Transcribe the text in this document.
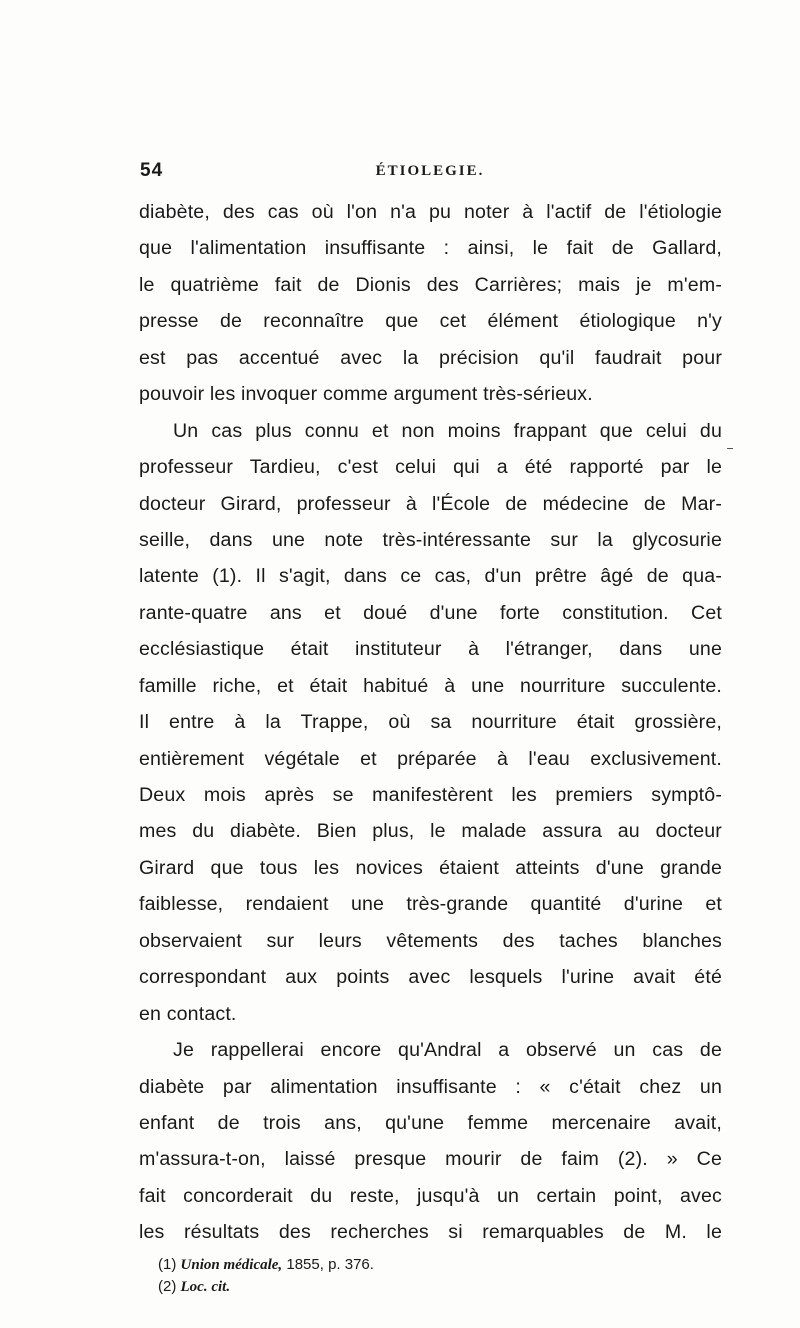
54	ÉTIOLEGIE.
diabète, des cas où l'on n'a pu noter à l'actif de l'étiologie
que l'alimentation insuffisante : ainsi, le fait de Gallard,
le quatrième fait de Dionis des Carrières; mais je m'em-
presse de reconnaître que cet élément étiologique n'y
est pas accentué avec la précision qu'il faudrait pour
pouvoir les invoquer comme argument très-sérieux.
Un cas plus connu et non moins frappant que celui du
professeur Tardieu, c'est celui qui a été rapporté par le
docteur Girard, professeur à l'École de médecine de Mar-
seille, dans une note très-intéressante sur la glycosurie
latente (1). Il s'agit, dans ce cas, d'un prêtre âgé de qua-
rante-quatre ans et doué d'une forte constitution. Cet
ecclésiastique était instituteur à l'étranger, dans une
famille riche, et était habitué à une nourriture succulente.
Il entre à la Trappe, où sa nourriture était grossière,
entièrement végétale et préparée à l'eau exclusivement.
Deux mois après se manifestèrent les premiers symptô-
mes du diabète. Bien plus, le malade assura au docteur
Girard que tous les novices étaient atteints d'une grande
faiblesse, rendaient une très-grande quantité d'urine et
observaient sur leurs vêtements des taches blanches
correspondant aux points avec lesquels l'urine avait été
en contact.
Je rappellerai encore qu'Andral a observé un cas de
diabète par alimentation insuffisante : « c'était chez un
enfant de trois ans, qu'une femme mercenaire avait,
m'assura-t-on, laissé presque mourir de faim (2). » Ce
fait concorderait du reste, jusqu'à un certain point, avec
les résultats des recherches si remarquables de M. le
(1) Union médicale, 1855, p. 376.
(2) Loc. cit.
